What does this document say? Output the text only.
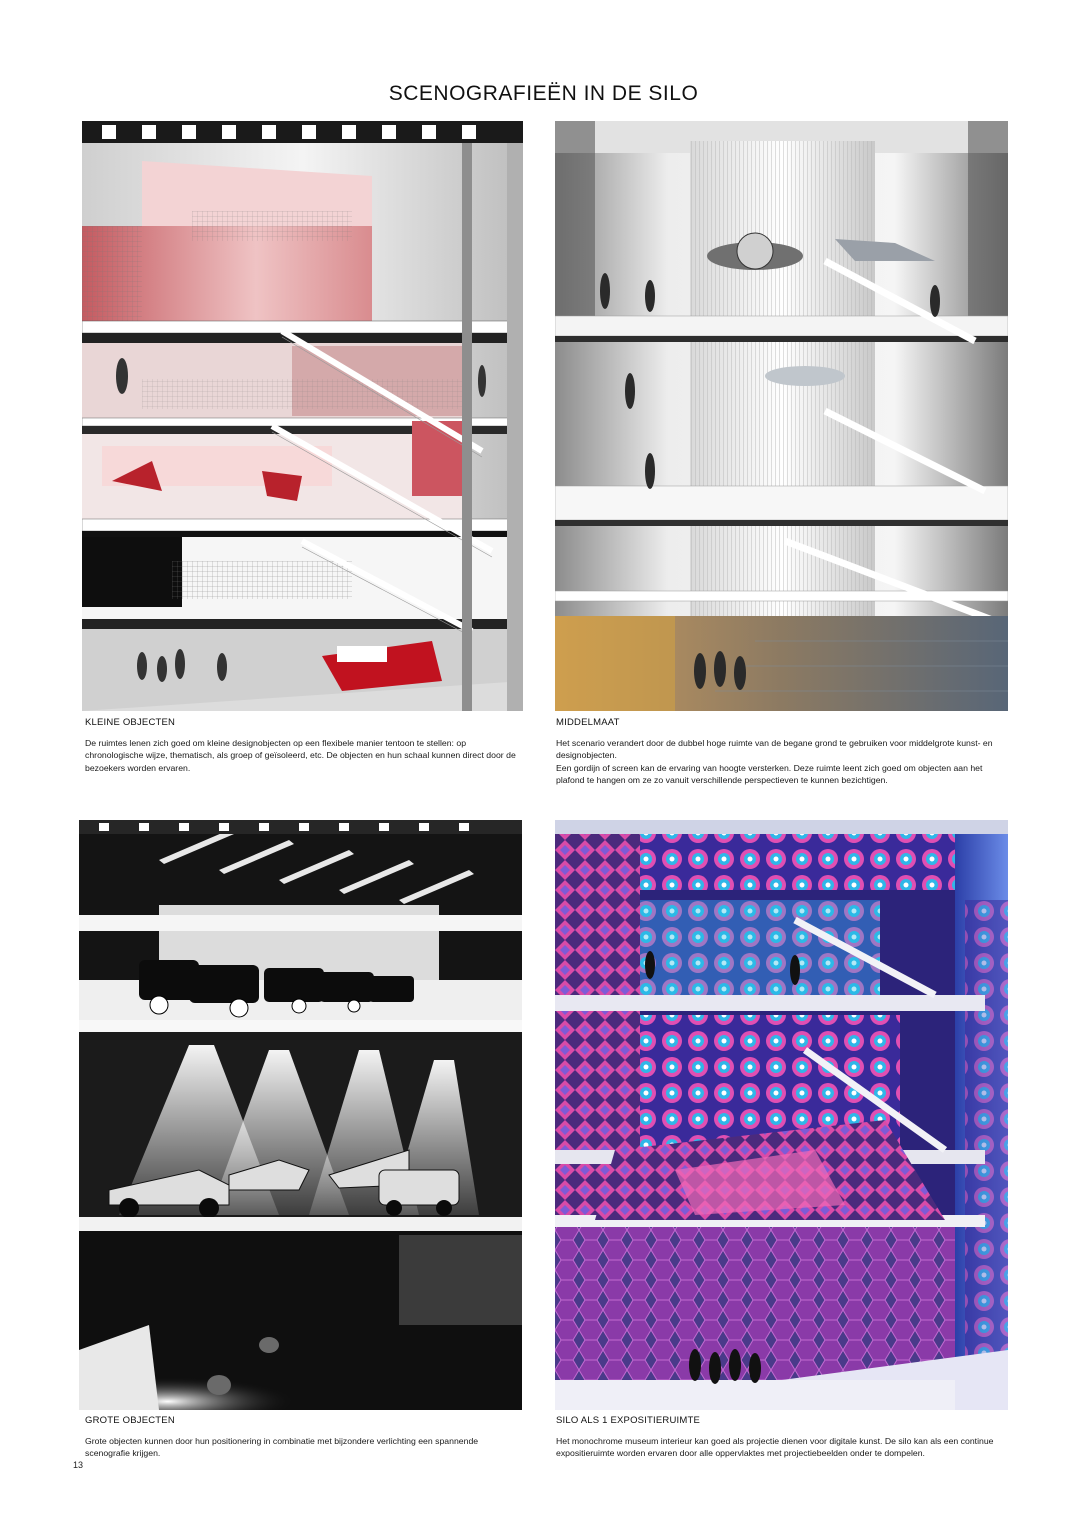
SCENOGRAFIEËN IN DE SILO
KLEINE OBJECTEN

De ruimtes lenen zich goed om kleine designobjecten op een flexibele manier tentoon te stellen: op chronologische wijze, thematisch, als groep of geïsoleerd, etc. De objecten en hun schaal kunnen direct door de bezoekers worden ervaren.

MIDDELMAAT

Het scenario verandert door de dubbel hoge ruimte van de begane grond te gebruiken voor middelgrote kunst- en designobjecten.
Een gordijn of screen kan de ervaring van hoogte versterken. Deze ruimte leent zich goed om objecten aan het plafond te hangen om ze zo vanuit verschillende perspectieven te kunnen bezichtigen.

GROTE OBJECTEN

Grote objecten kunnen door hun positionering in combinatie met bijzondere verlichting een spannende scenografie krijgen.

SILO ALS 1 EXPOSITIERUIMTE

Het monochrome museum interieur kan goed als projectie dienen voor digitale kunst. De silo kan als een continue expositieruimte worden ervaren door alle oppervlaktes met projectiebeelden onder te dompelen.

13
